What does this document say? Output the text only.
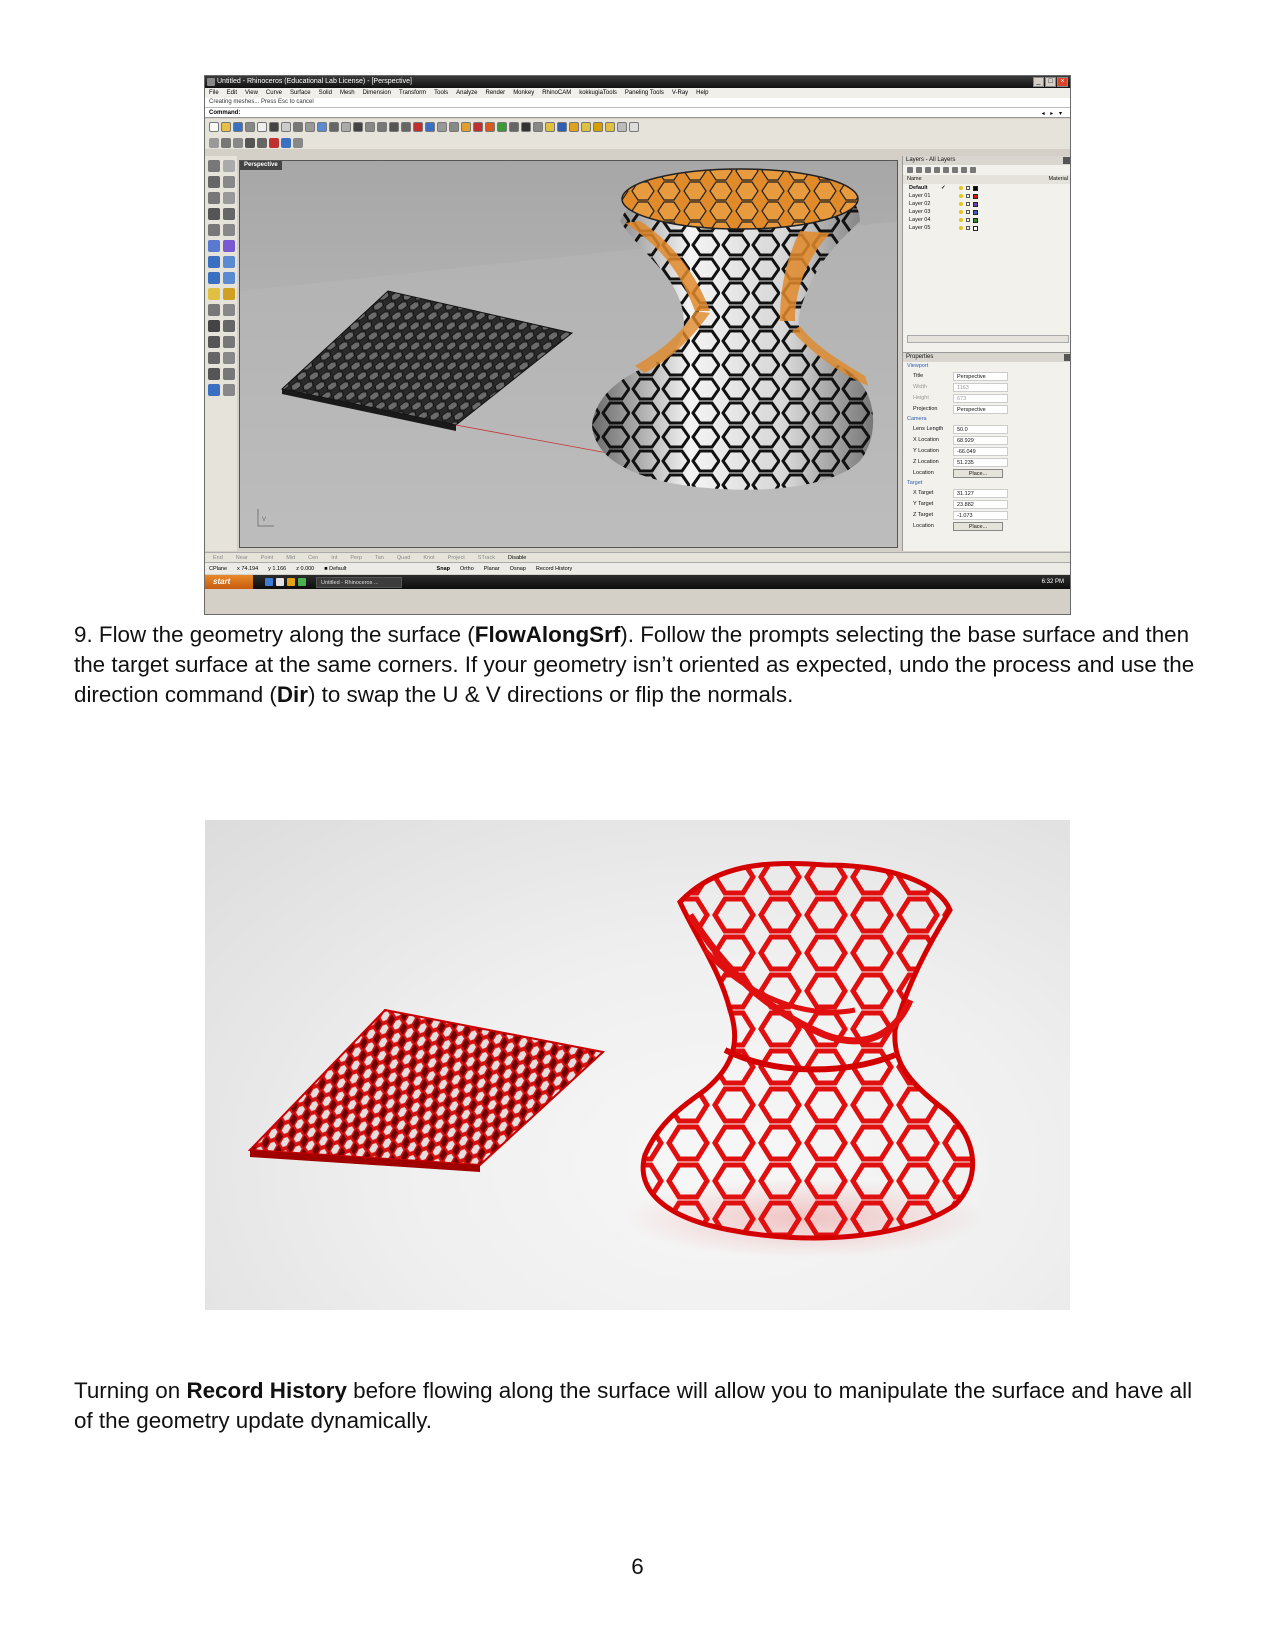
Untitled - Rhinoceros (Educational Lab License) - [Perspective]	_	□	×
File Edit View Curve Surface Solid Mesh Dimension Transform Tools Analyze Render Monkey RhinoCAM kokkugiaTools Paneling Tools V-Ray Help
Creating meshes... Press Esc to cancel
Command:	◂ ▸ ▾
V
Perspective
Layers - All Layers
Name	Material
Default	✓
Layer 01
Layer 02
Layer 03
Layer 04
Layer 05
Properties
Viewport
Title	Perspective
Width	1163
Height	673
Projection	Perspective
Camera
Lens Length	50.0
X Location	68.929
Y Location	-66.049
Z Location	51.235
Location	Place...
Target
X Target	31.127
Y Target	23.882
Z Target	-1.073
Location	Place...
End Near Point Mid Cen Int Perp Tan Quad Knot Project STrack Disable
CPlane x 74.194 y 1.166 z 0.000 ■ Default	Snap Ortho Planar Osnap Record History
start	Untitled - Rhinoceros ...	6:32 PM

9. Flow the geometry along the surface (FlowAlongSrf). Follow the prompts selecting the base surface and then the target surface at the same corners. If your geometry isn’t oriented as expected, undo the process and use the direction command (Dir) to swap the U & V directions or flip the normals.

Turning on Record History before flowing along the surface will allow you to manipulate the surface and have all of the geometry update dynamically.

6
